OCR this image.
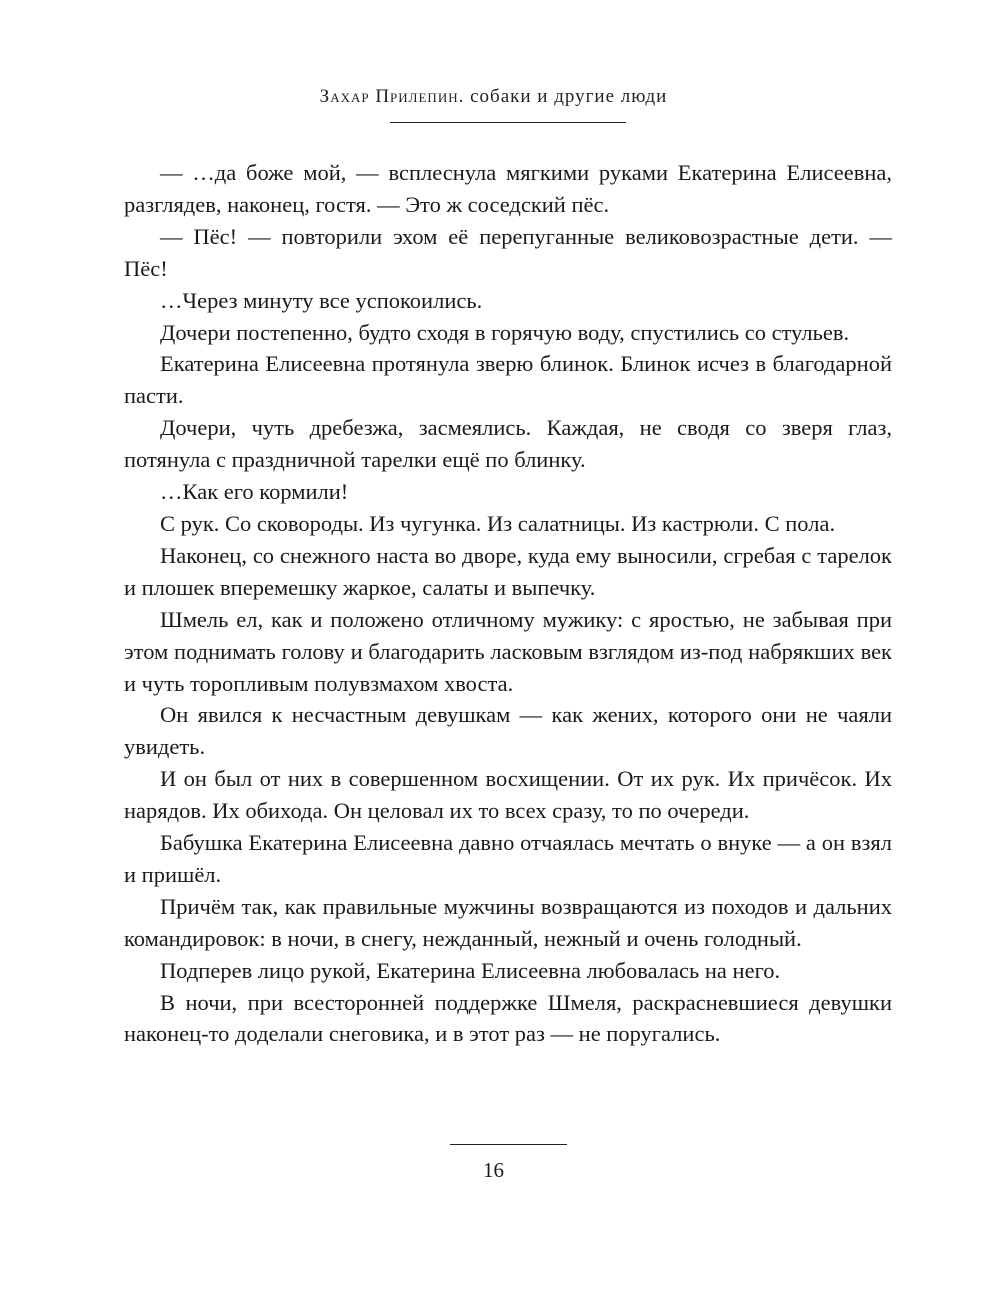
Захар Прилепин. собаки и другие люди

— …да боже мой, — всплеснула мягкими руками Екатерина Елисеевна, разглядев, наконец, гостя. — Это ж соседский пёс.

— Пёс! — повторили эхом её перепуганные великовозрастные дети. — Пёс!

…Через минуту все успокоились.

Дочери постепенно, будто сходя в горячую воду, спустились со стульев.

Екатерина Елисеевна протянула зверю блинок. Блинок исчез в благодарной пасти.

Дочери, чуть дребезжа, засмеялись. Каждая, не сводя со зверя глаз, потянула с праздничной тарелки ещё по блинку.

…Как его кормили!

С рук. Со сковороды. Из чугунка. Из салатницы. Из кастрюли. С пола.

Наконец, со снежного наста во дворе, куда ему выносили, сгребая с тарелок и плошек вперемешку жаркое, салаты и выпечку.

Шмель ел, как и положено отличному мужику: с яростью, не забывая при этом поднимать голову и благодарить ласковым взглядом из-под набрякших век и чуть торопливым полувзмахом хвоста.

Он явился к несчастным девушкам — как жених, которого они не чаяли увидеть.

И он был от них в совершенном восхищении. От их рук. Их причёсок. Их нарядов. Их обихода. Он целовал их то всех сразу, то по очереди.

Бабушка Екатерина Елисеевна давно отчаялась мечтать о внуке — а он взял и пришёл.

Причём так, как правильные мужчины возвращаются из походов и дальних командировок: в ночи, в снегу, нежданный, нежный и очень голодный.

Подперев лицо рукой, Екатерина Елисеевна любовалась на него.

В ночи, при всесторонней поддержке Шмеля, раскрасневшиеся девушки наконец-то доделали снеговика, и в этот раз — не поругались.

16
